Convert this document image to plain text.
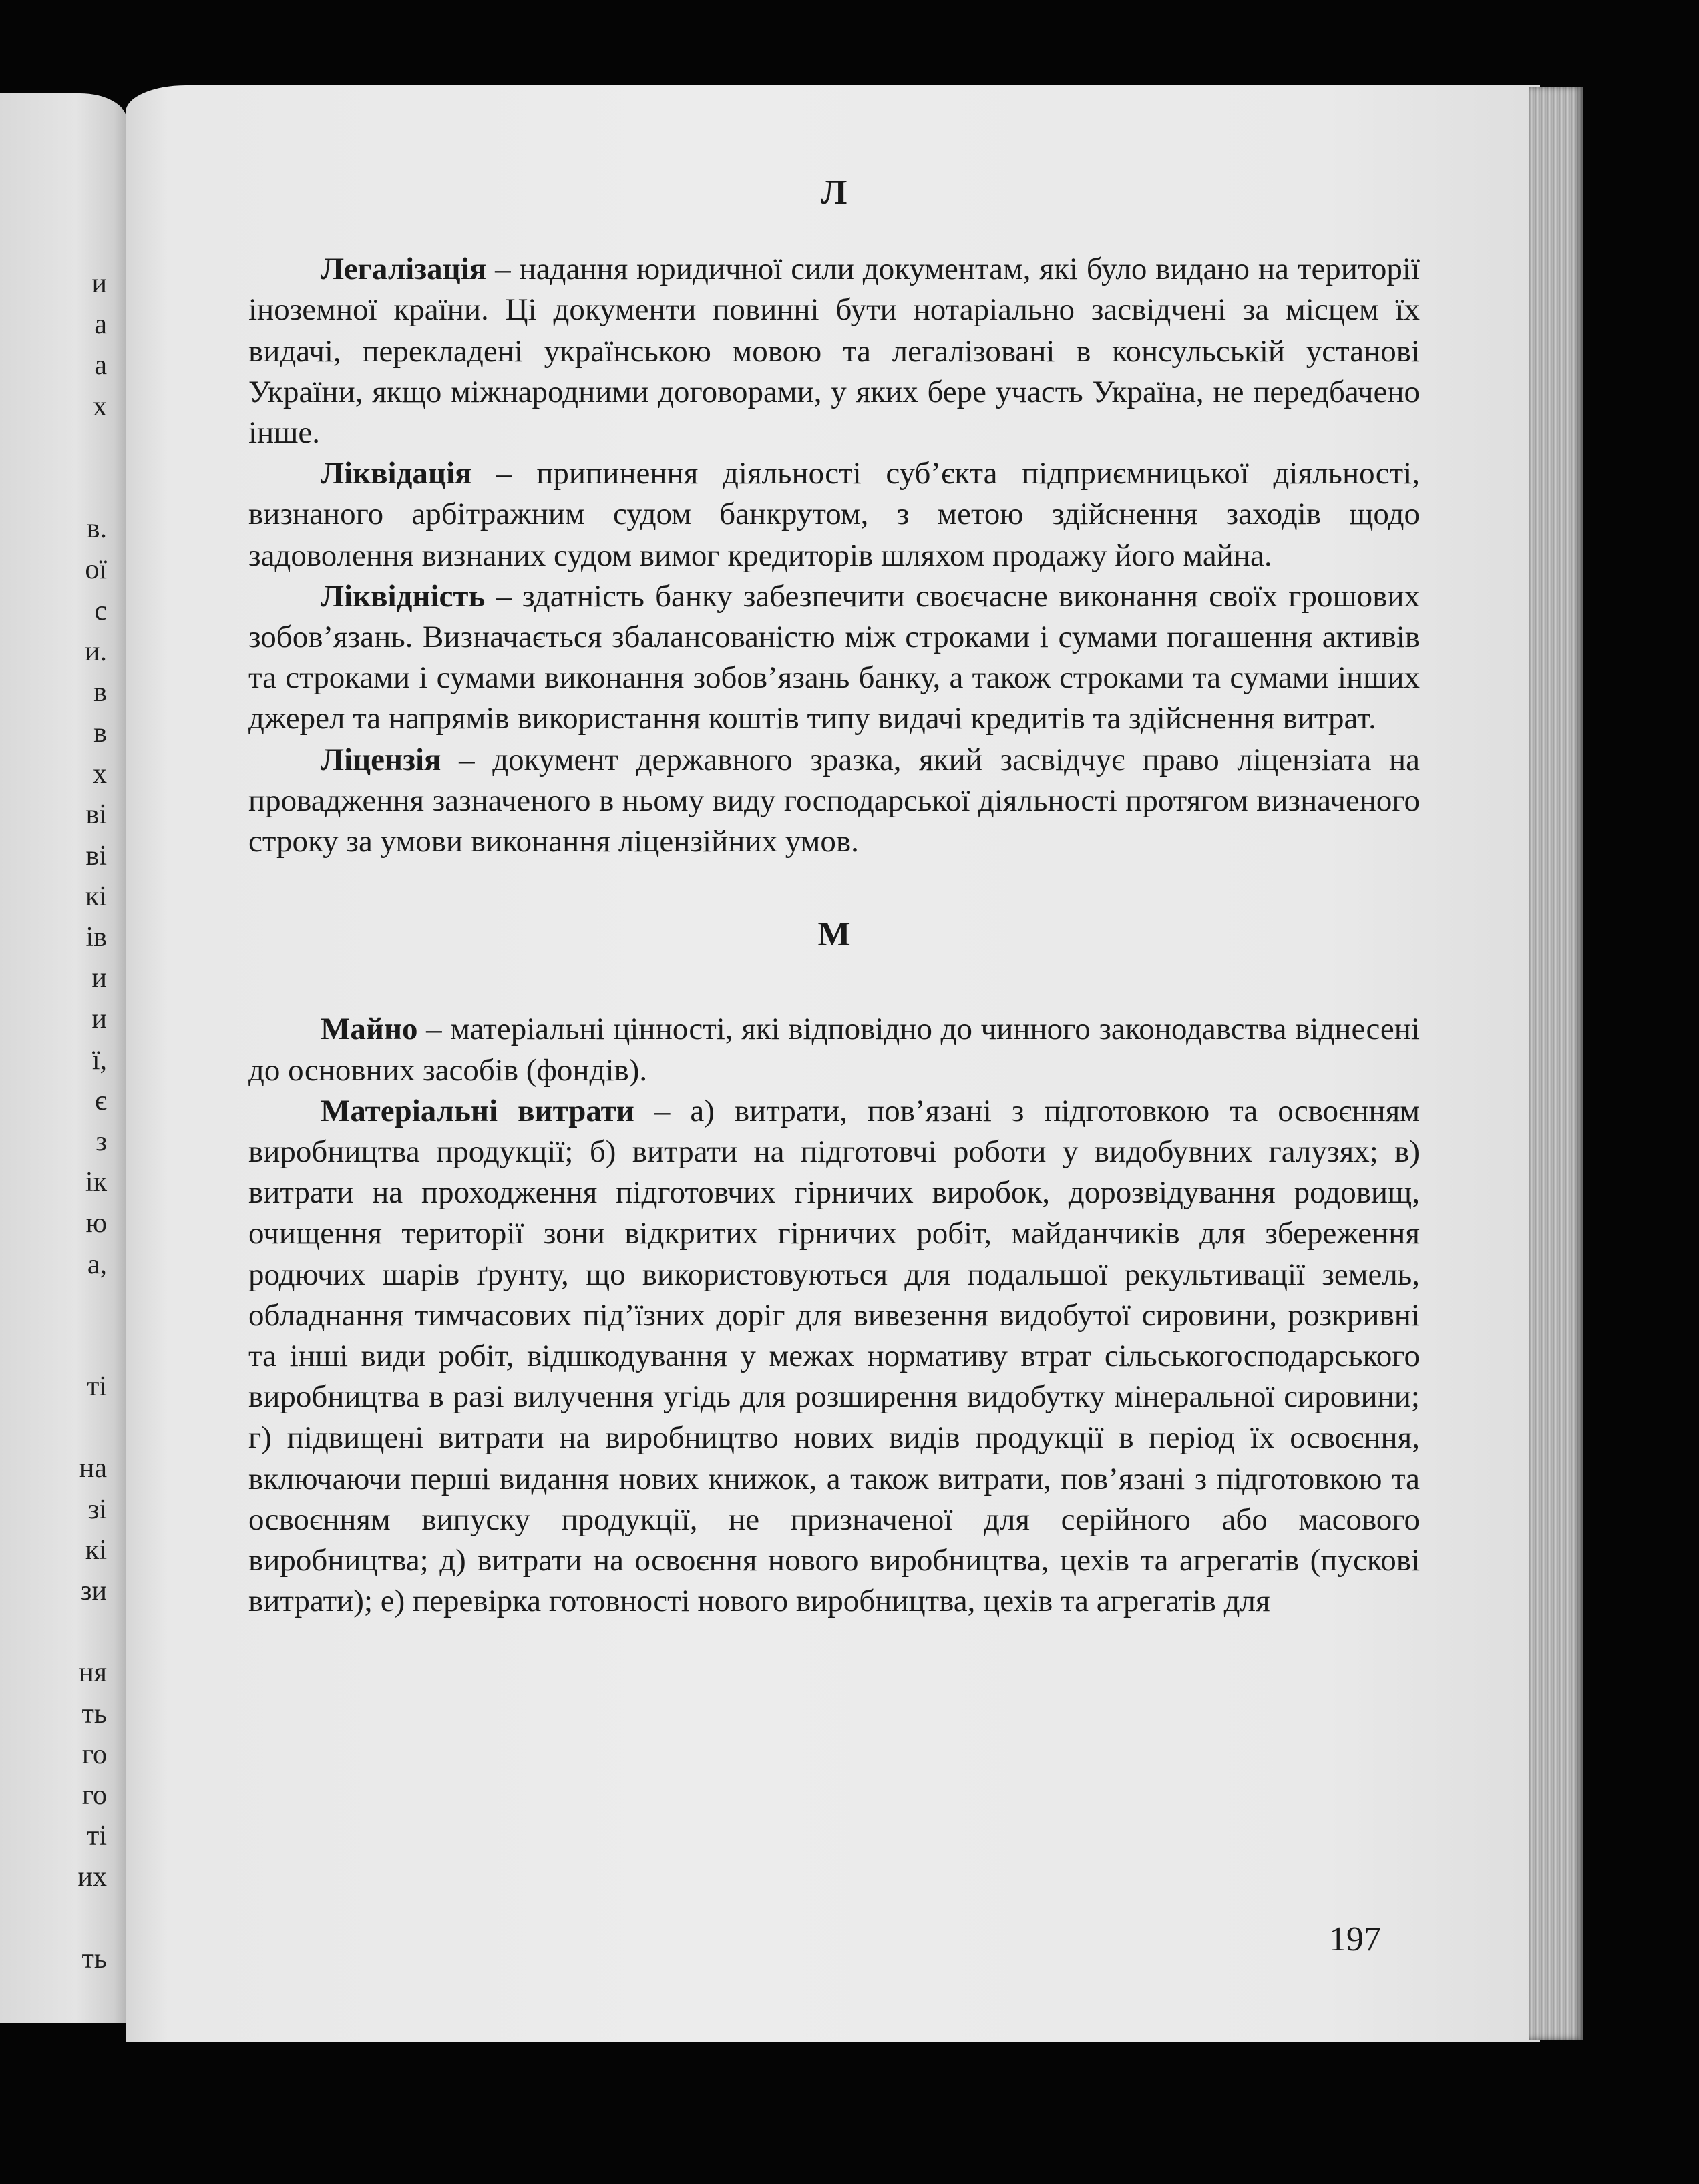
и
а
а
х
в.
ої
с
и.
в
в
х
ві
ві
кі
ів
и
и
ї,
є
з
ік
ю
а,
ті
на
зі
кі
зи
ня
ть
го
го
ті
их
ть
Л

Легалізація – надання юридичної сили документам, які було видано на території іноземної країни. Ці документи повинні бути нотаріально засвідчені за місцем їх видачі, перекладені українською мовою та легалізовані в консульській установі України, якщо міжнародними договорами, у яких бере участь Україна, не передбачено інше.

Ліквідація – припинення діяльності суб’єкта підприємницької діяльності, визнаного арбітражним судом банкрутом, з метою здійснення заходів щодо задоволення визнаних судом вимог кредиторів шляхом продажу його майна.

Ліквідність – здатність банку забезпечити своєчасне виконання своїх грошових зобов’язань. Визначається збалансованістю між строками і сумами погашення активів та строками і сумами виконання зобов’язань банку, а також строками та сумами інших джерел та напрямів використання коштів типу видачі кредитів та здійснення витрат.

Ліцензія – документ державного зразка, який засвідчує право ліцензіата на провадження зазначеного в ньому виду господарської діяльності протягом визначеного строку за умови виконання ліцензійних умов.

М

Майно – матеріальні цінності, які відповідно до чинного законодавства віднесені до основних засобів (фондів).

Матеріальні витрати – а) витрати, пов’язані з підготовкою та освоєнням виробництва продукції; б) витрати на підготовчі роботи у видобувних галузях; в) витрати на проходження підготовчих гірничих виробок, дорозвідування родовищ, очищення території зони відкритих гірничих робіт, майданчиків для збереження родючих шарів ґрунту, що використовуються для подальшої рекультивації земель, обладнання тимчасових під’їзних доріг для вивезення видобутої сировини, розкривні та інші види робіт, відшкодування у межах нормативу втрат сільськогосподарського виробництва в разі вилучення угідь для розширення видобутку мінеральної сировини; г) підвищені витрати на виробництво нових видів продукції в період їх освоєння, включаючи перші видання нових книжок, а також витрати, пов’язані з підготовкою та освоєнням випуску продукції, не призначеної для серійного або масового виробництва; д) витрати на освоєння нового виробництва, цехів та агрегатів (пускові витрати); е) перевірка готовності нового виробництва, цехів та агрегатів для

197
